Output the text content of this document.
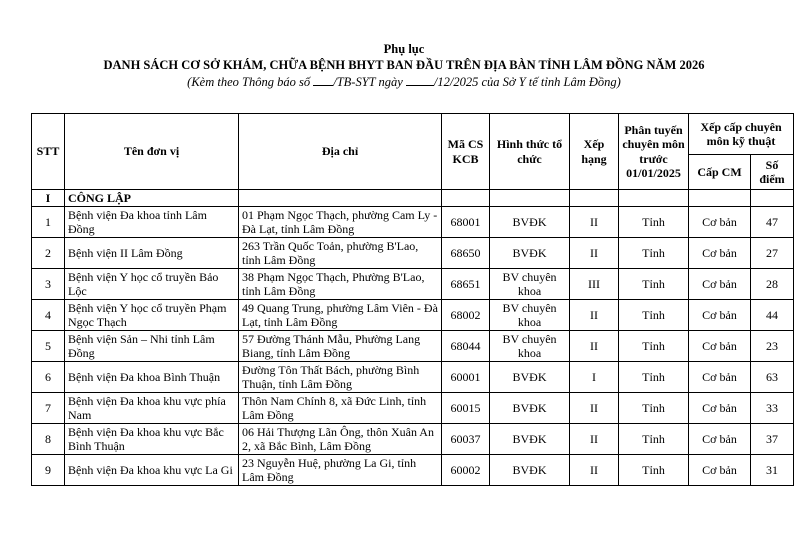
Phụ lục
DANH SÁCH CƠ SỞ KHÁM, CHỮA BỆNH BHYT BAN ĐẦU TRÊN ĐỊA BÀN TỈNH LÂM ĐỒNG NĂM 2026
(Kèm theo Thông báo số /TB-SYT ngày /12/2025 của Sở Y tế tỉnh Lâm Đồng)
STT	Tên đơn vị	Địa chỉ	Mã CS KCB	Hình thức tổ chức	Xếp hạng	Phân tuyến chuyên môn trước 01/01/2025	Xếp cấp chuyên môn kỹ thuật	
							Cấp CM	Số điểm
I	CÔNG LẬP							
1	Bệnh viện Đa khoa tỉnh Lâm Đồng	01 Phạm Ngọc Thạch, phường Cam Ly - Đà Lạt, tỉnh Lâm Đồng	68001	BVĐK	II	Tỉnh	Cơ bản	47
2	Bệnh viện II Lâm Đồng	263 Trần Quốc Toản, phường B'Lao, tỉnh Lâm Đồng	68650	BVĐK	II	Tỉnh	Cơ bản	27
3	Bệnh viện Y học cổ truyền Bảo Lộc	38 Phạm Ngọc Thạch, Phường B'Lao, tỉnh Lâm Đồng	68651	BV chuyên khoa	III	Tỉnh	Cơ bản	28
4	Bệnh viện Y học cổ truyền Phạm Ngọc Thạch	49 Quang Trung, phường Lâm Viên - Đà Lạt, tỉnh Lâm Đồng	68002	BV chuyên khoa	II	Tỉnh	Cơ bản	44
5	Bệnh viện Sản – Nhi tỉnh Lâm Đồng	57 Đường Thánh Mẫu, Phường Lang Biang, tỉnh Lâm Đồng	68044	BV chuyên khoa	II	Tỉnh	Cơ bản	23
6	Bệnh viện Đa khoa Bình Thuận	Đường Tôn Thất Bách, phường Bình Thuận, tỉnh Lâm Đồng	60001	BVĐK	I	Tỉnh	Cơ bản	63
7	Bệnh viện Đa khoa khu vực phía Nam	Thôn Nam Chính 8, xã Đức Linh, tỉnh Lâm Đồng	60015	BVĐK	II	Tỉnh	Cơ bản	33
8	Bệnh viện Đa khoa khu vực Bắc Bình Thuận	06 Hải Thượng Lãn Ông, thôn Xuân An 2, xã Bắc Bình, Lâm Đồng	60037	BVĐK	II	Tỉnh	Cơ bản	37
9	Bệnh viện Đa khoa khu vực La Gi	23 Nguyễn Huệ, phường La Gi, tỉnh Lâm Đồng	60002	BVĐK	II	Tỉnh	Cơ bản	31
